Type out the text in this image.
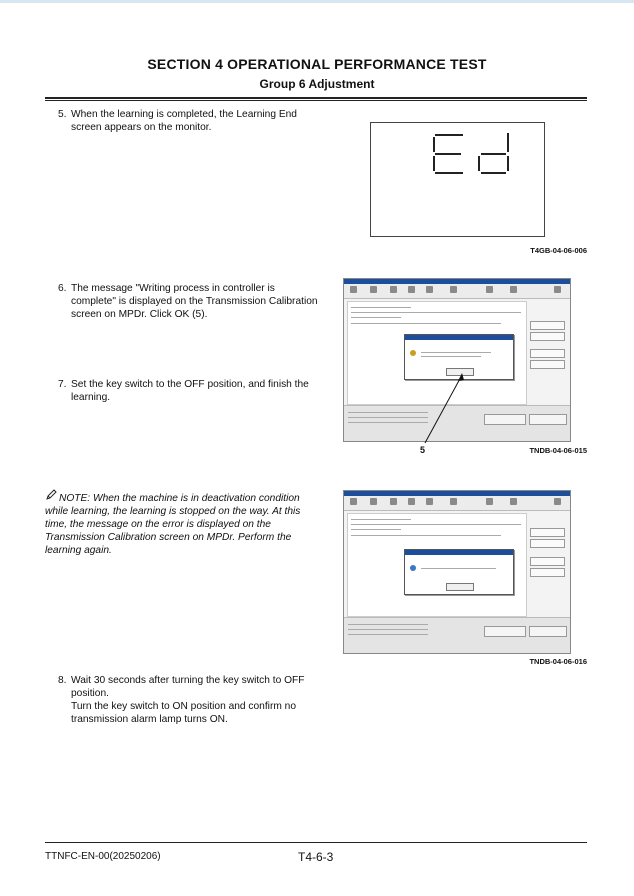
SECTION 4 OPERATIONAL PERFORMANCE TEST
Group 6 Adjustment
5. When the learning is completed, the Learning End screen appears on the monitor.
T4GB-04-06-006
6. The message "Writing process in controller is complete" is displayed on the Transmission Calibration screen on MPDr. Click OK (5).
7. Set the key switch to the OFF position, and finish the learning.
5	TNDB-04-06-015
NOTE: When the machine is in deactivation condition while learning, the learning is stopped on the way. At this time, the message on the error is displayed on the Transmission Calibration screen on MPDr. Perform the learning again.
TNDB-04-06-016
8. Wait 30 seconds after turning the key switch to OFF position.
Turn the key switch to ON position and confirm no transmission alarm lamp turns ON.
TTNFC-EN-00(20250206)	T4-6-3
